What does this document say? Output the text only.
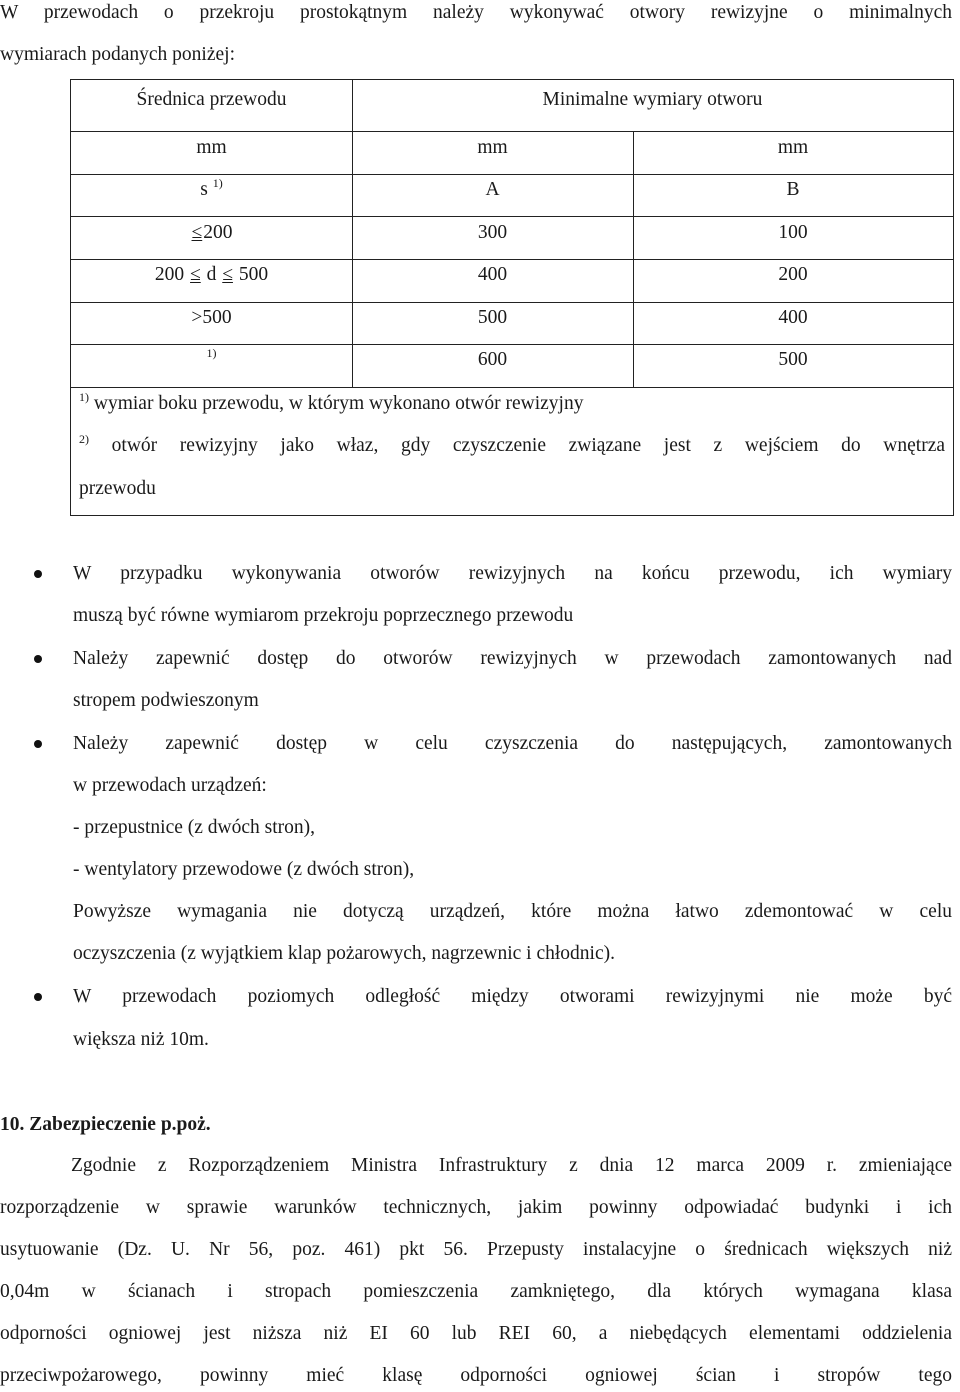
W przewodach o przekroju prostokątnym należy wykonywać otwory rewizyjne o minimalnych
wymiarach podanych poniżej:
Średnica przewodu	Minimalne wymiary otworu
mm	mm	mm
s $^{1)}$	A	B
≤200	300	100
200 ≤ d ≤ 500	400	200
>500	500	400
$^{1)}$	600	500
$^{1)}$ wymiar boku przewodu, w którym wykonano otwór rewizyjny
$^{2)}$ otwór rewizyjny jako właz, gdy czyszczenie związane jest z wejściem do wnętrza
przewodu
W przypadku wykonywania otworów rewizyjnych na końcu przewodu, ich wymiary
muszą być równe wymiarom przekroju poprzecznego przewodu
Należy zapewnić dostęp do otworów rewizyjnych w przewodach zamontowanych nad
stropem podwieszonym
Należy zapewnić dostęp w celu czyszczenia do następujących, zamontowanych
w przewodach urządzeń:
- przepustnice (z dwóch stron),
- wentylatory przewodowe (z dwóch stron),
Powyższe wymagania nie dotyczą urządzeń, które można łatwo zdemontować w celu
oczyszczenia (z wyjątkiem klap pożarowych, nagrzewnic i chłodnic).
W przewodach poziomych odległość między otworami rewizyjnymi nie może być
większa niż 10m.
10. Zabezpieczenie p.poż.
Zgodnie z Rozporządzeniem Ministra Infrastruktury z dnia 12 marca 2009 r. zmieniające
rozporządzenie w sprawie warunków technicznych, jakim powinny odpowiadać budynki i ich
usytuowanie (Dz. U. Nr 56, poz. 461) pkt 56. Przepusty instalacyjne o średnicach większych niż
0,04m w ścianach i stropach pomieszczenia zamkniętego, dla których wymagana klasa
odporności ogniowej jest niższa niż EI 60 lub REI 60, a niebędących elementami oddzielenia
przeciwpożarowego, powinny mieć klasę odporności ogniowej ścian i stropów tego
